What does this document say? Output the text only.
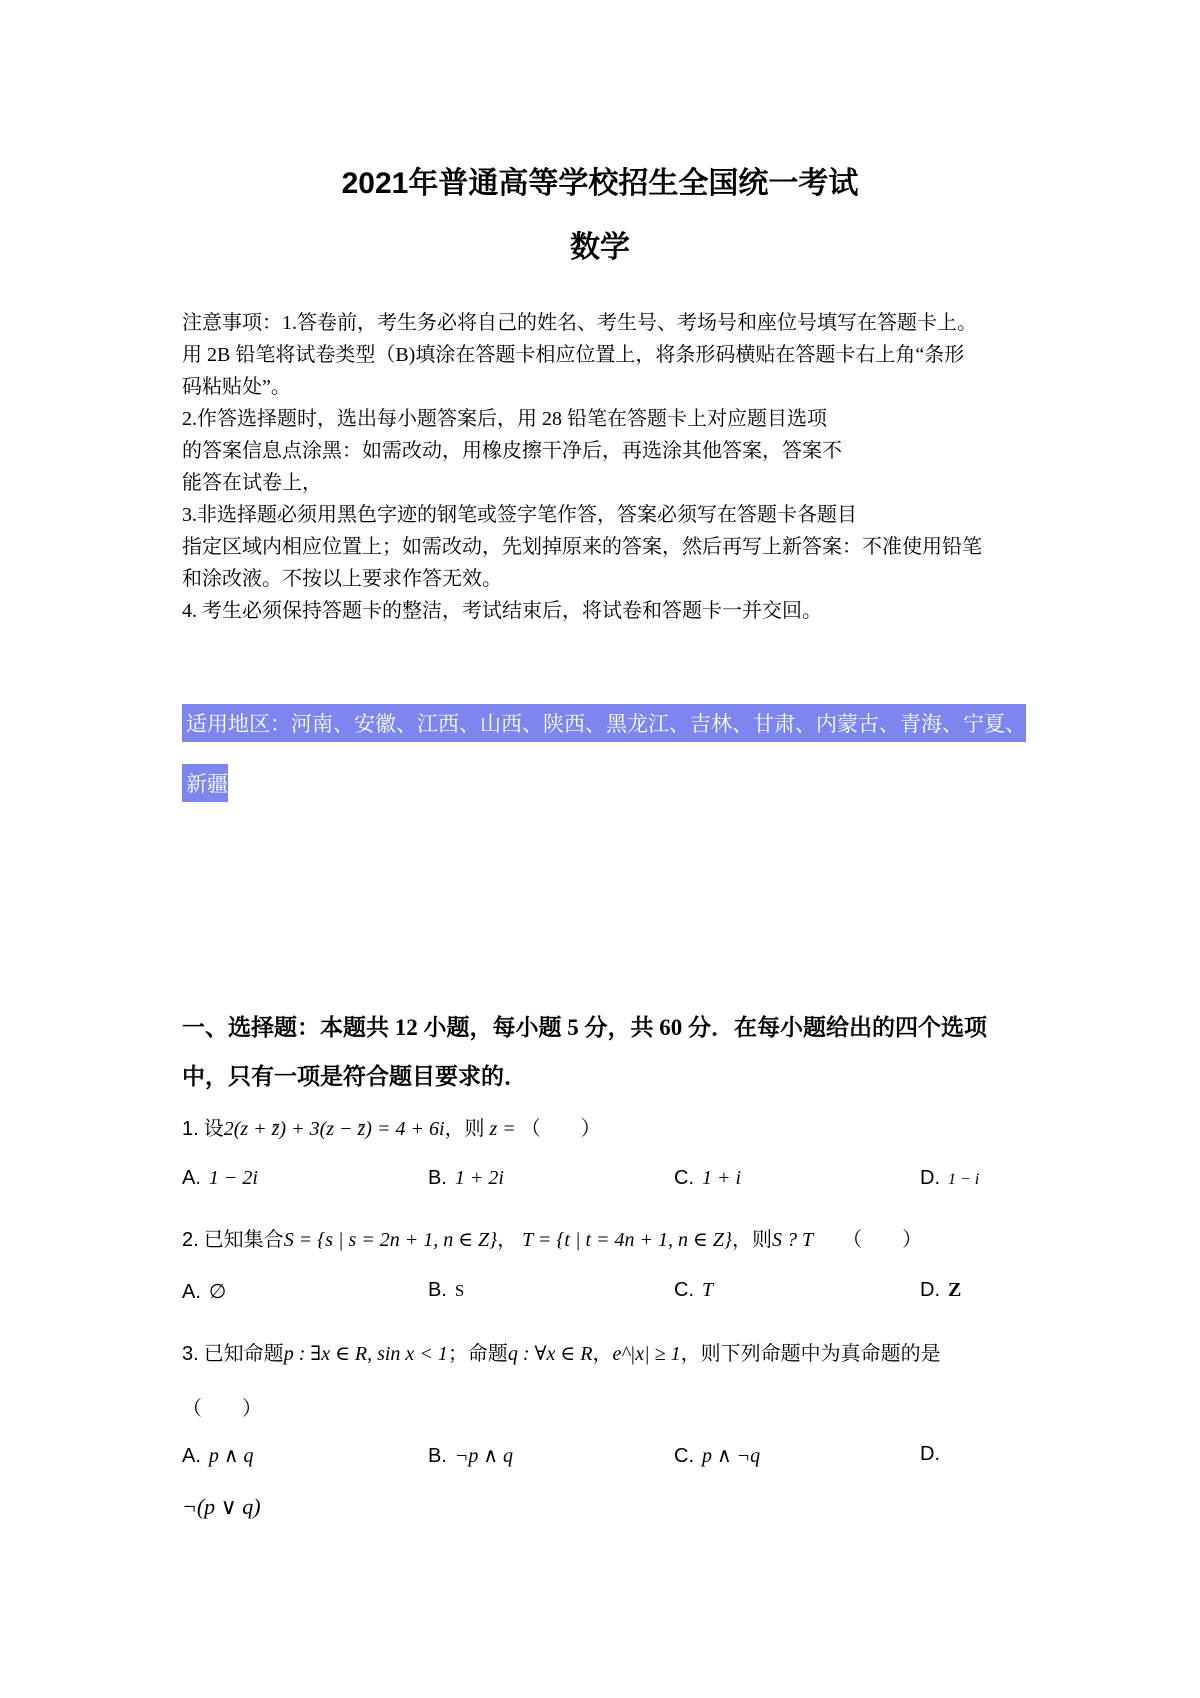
2021年普通高等学校招生全国统一考试
数学
注意事项：1.答卷前，考生务必将自己的姓名、考生号、考场号和座位号填写在答题卡上。
用 2B 铅笔将试卷类型（B)填涂在答题卡相应位置上，将条形码横贴在答题卡右上角“条形
码粘贴处”。
2.作答选择题时，选出每小题答案后，用 28 铅笔在答题卡上对应题目选项
的答案信息点涂黑：如需改动，用橡皮擦干净后，再选涂其他答案，答案不
能答在试卷上，
3.非选择题必须用黑色字迹的钢笔或签字笔作答，答案必须写在答题卡各题目
指定区域内相应位置上；如需改动，先划掉原来的答案，然后再写上新答案：不准使用铅笔
和涂改液。不按以上要求作答无效。
4. 考生必须保持答题卡的整洁，考试结束后，将试卷和答题卡一并交回。
适用地区：河南、安徽、江西、山西、陕西、黑龙江、吉林、甘肃、内蒙古、青海、宁夏、
新疆
一、选择题：本题共 12 小题，每小题 5 分，共 60 分．在每小题给出的四个选项
中，只有一项是符合题目要求的．
1. 设2(z + z̄) + 3(z − z̄) = 4 + 6i，则 z = （　　）
A. 1 − 2i	B. 1 + 2i	C. 1 + i	D. 1 − i
2. 已知集合S = {s | s = 2n + 1, n ∈ Z}， T = {t | t = 4n + 1, n ∈ Z}，则S ? T （　　）
A. ∅	B. S	C. T	D. Z
3. 已知命题p : ∃x ∈ R, sin x < 1；命题q : ∀x ∈ R，e^|x| ≥ 1，则下列命题中为真命题的是
（　　）
A. p ∧ q	B. ¬p ∧ q	C. p ∧ ¬q	D.
¬(p ∨ q)
